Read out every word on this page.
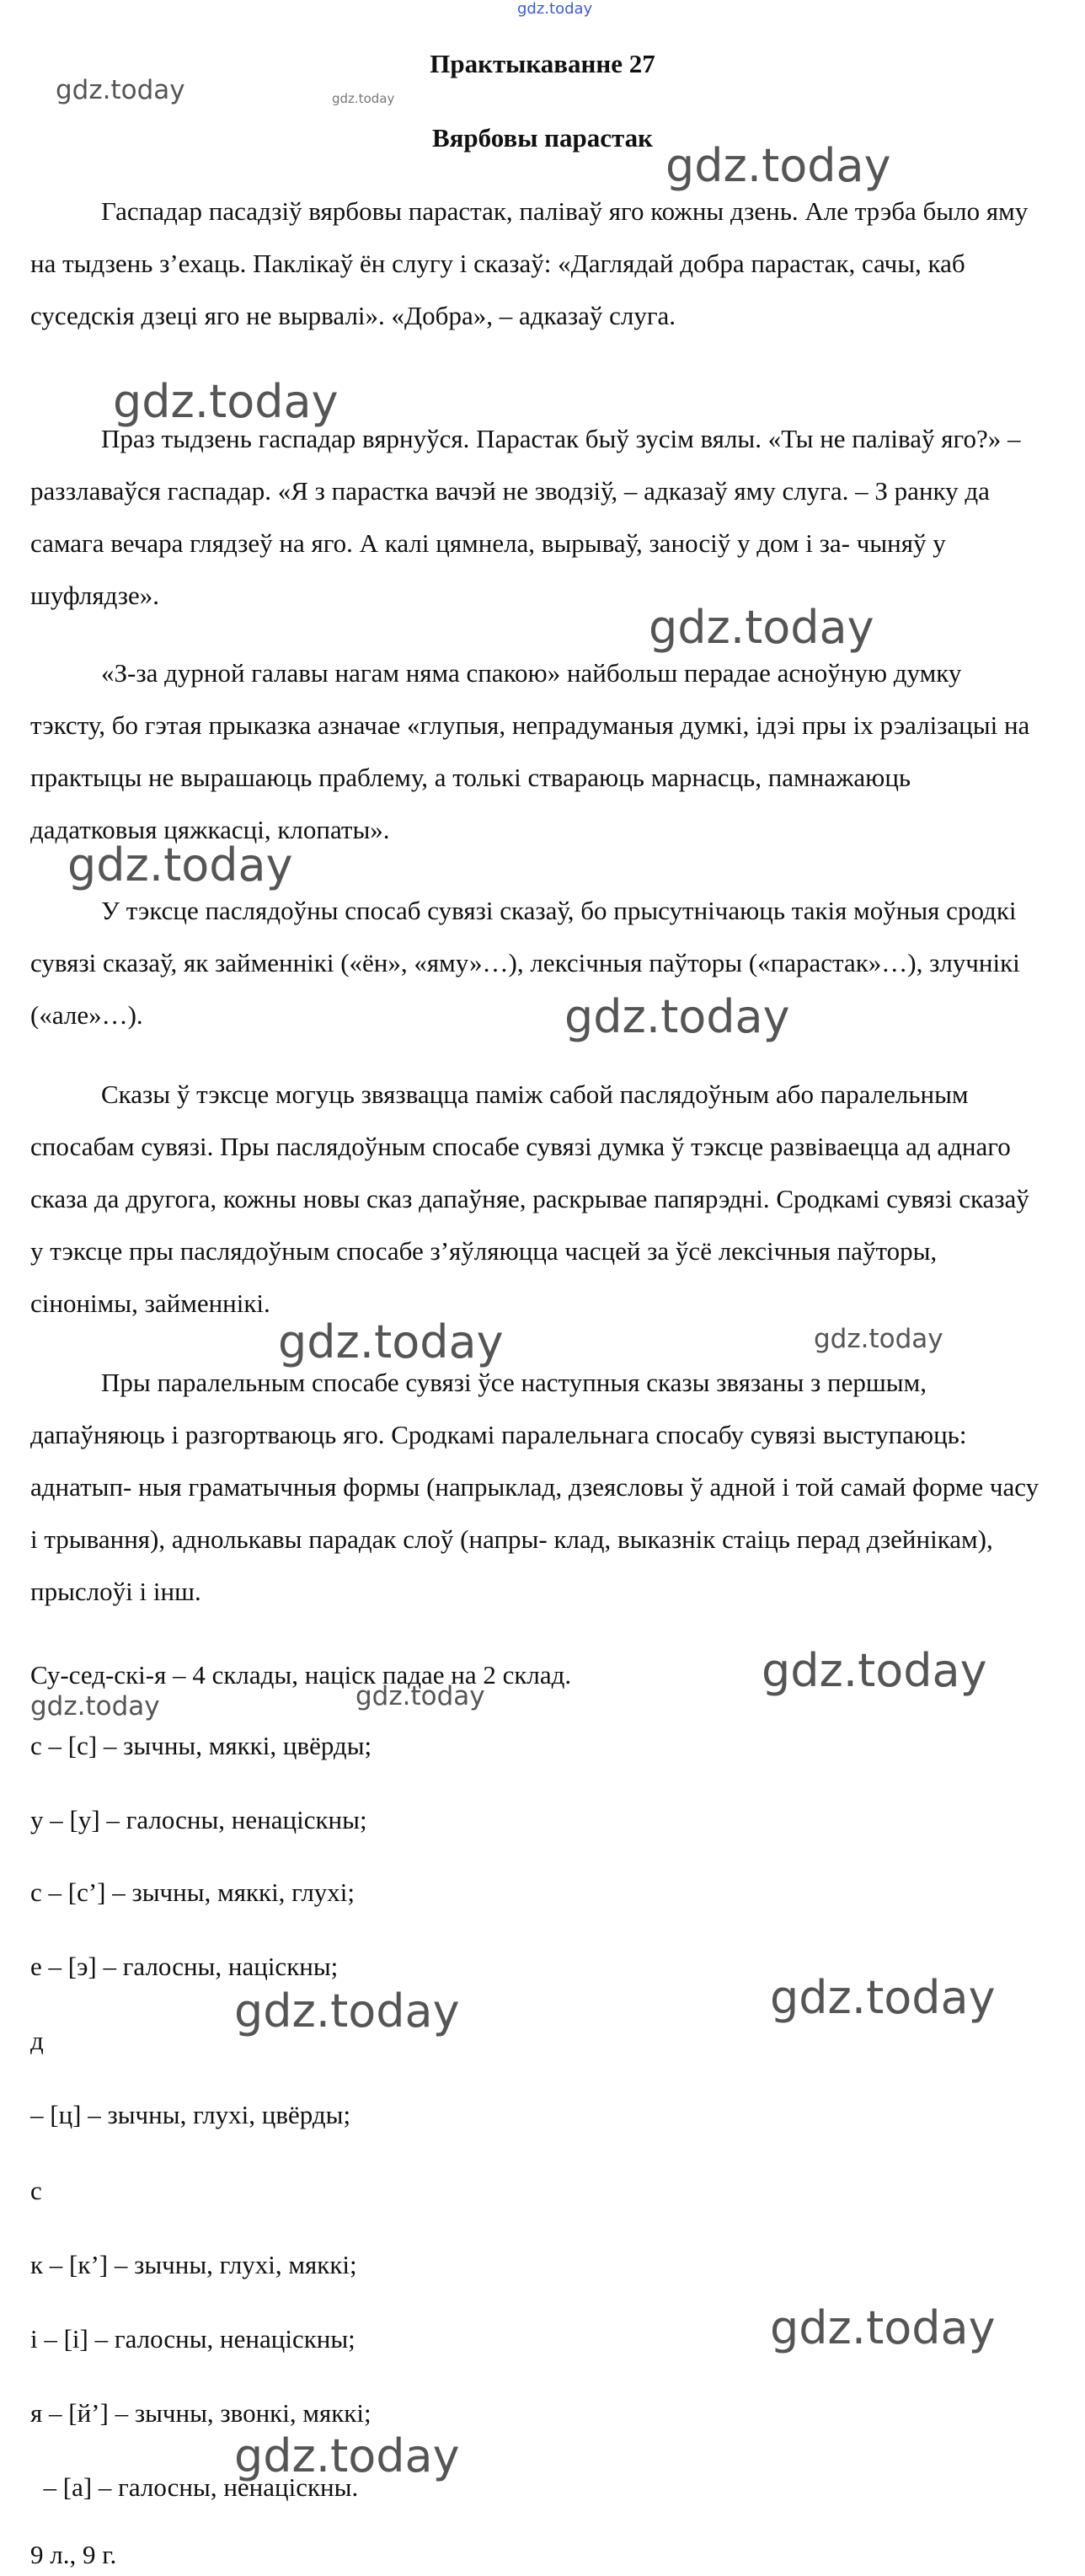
gdz.today
Практыкаванне 27
gdz.today	gdz.today
Вярбовы парастак
gdz.today

Гаспадар пасадзіў вярбовы парастак, палівaў яго кожны дзень. Але трэба было яму на тыдзень з’ехаць. Паклікаў ён слугу і сказаў: «Даглядай добра парастак, сачы, каб суседскія дзеці яго не вырвалі». «Добра», – адказаў слуга.

gdz.today

Праз тыдзень гаспадар вярнуўся. Парастак быў зусім вялы. «Ты не паліваў яго?» – раззлаваўся гаспадар. «Я з парастка вачэй не зводзіў, – адказаў яму слуга. – З ранку да самага вечара глядзеў на яго. А калі цямнела, вырываў, заносіў у дом і за- чыняў у шуфлядзе».

gdz.today

«З-за дурной галавы нагам няма спакою» найбольш перадае асноўную думку тэксту, бо гэтая прыказка азначае «глупыя, непрадуманыя думкі, ідэі пры іх рэалізацыі на практыцы не вырашаюць праблему, а толькі ствараюць марнасць, памнажаюць дадатковыя цяжкасці, клопаты».

gdz.today

У тэксце паслядоўны спосаб сувязі сказаў, бо прысутнічаюць такія моўныя сродкі сувязі сказаў, як займеннікі («ён», «яму»…), лексічныя паўторы («парастак»…), злучнікі («але»…).	gdz.today

Сказы ў тэксце могуць звязвацца паміж сабой паслядоўным або паралельным спосабам сувязі. Пры паслядоўным спосабе сувязі думка ў тэксце развіваецца ад аднаго сказа да другога, кожны новы сказ дапаўняе, раскрывае папярэдні. Сродкамі сувязі сказаў у тэксце пры паслядоўным спосабе з’яўляюцца часцей за ўсё лексічныя паўторы, сінонімы, займеннікі.

gdz.today	gdz.today

Пры паралельным спосабе сувязі ўсе наступныя сказы звязаны з першым, дапаўняюць і разгортваюць яго. Сродкамі паралельнага спосабу сувязі выступаюць: аднатып- ныя граматычныя формы (напрыклад, дзеясловы ў адной і той самай форме часу і трывання), аднолькавы парадак слоў (напры- клад, выказнік стаіць перад дзейнікам), прыслоўі і інш.

Су-сед-скі-я – 4 склады, націск падае на 2 склад.	gdz.today
gdz.today	gdz.today
с – [с] – зычны, мяккі, цвёрды;
у – [у] – галосны, ненаціскны;
с – [с’] – зычны, мяккі, глухі;
е – [э] – галосны, націскны;
gdz.today	gdz.today
д
– [ц] – зычны, глухі, цвёрды;
с
к – [к’] – зычны, глухі, мяккі;
gdz.today
і – [і] – галосны, ненаціскны;
я – [й’] – зычны, звонкі, мяккі;
gdz.today
– [а] – галосны, ненаціскны.
9 л., 9 г.
